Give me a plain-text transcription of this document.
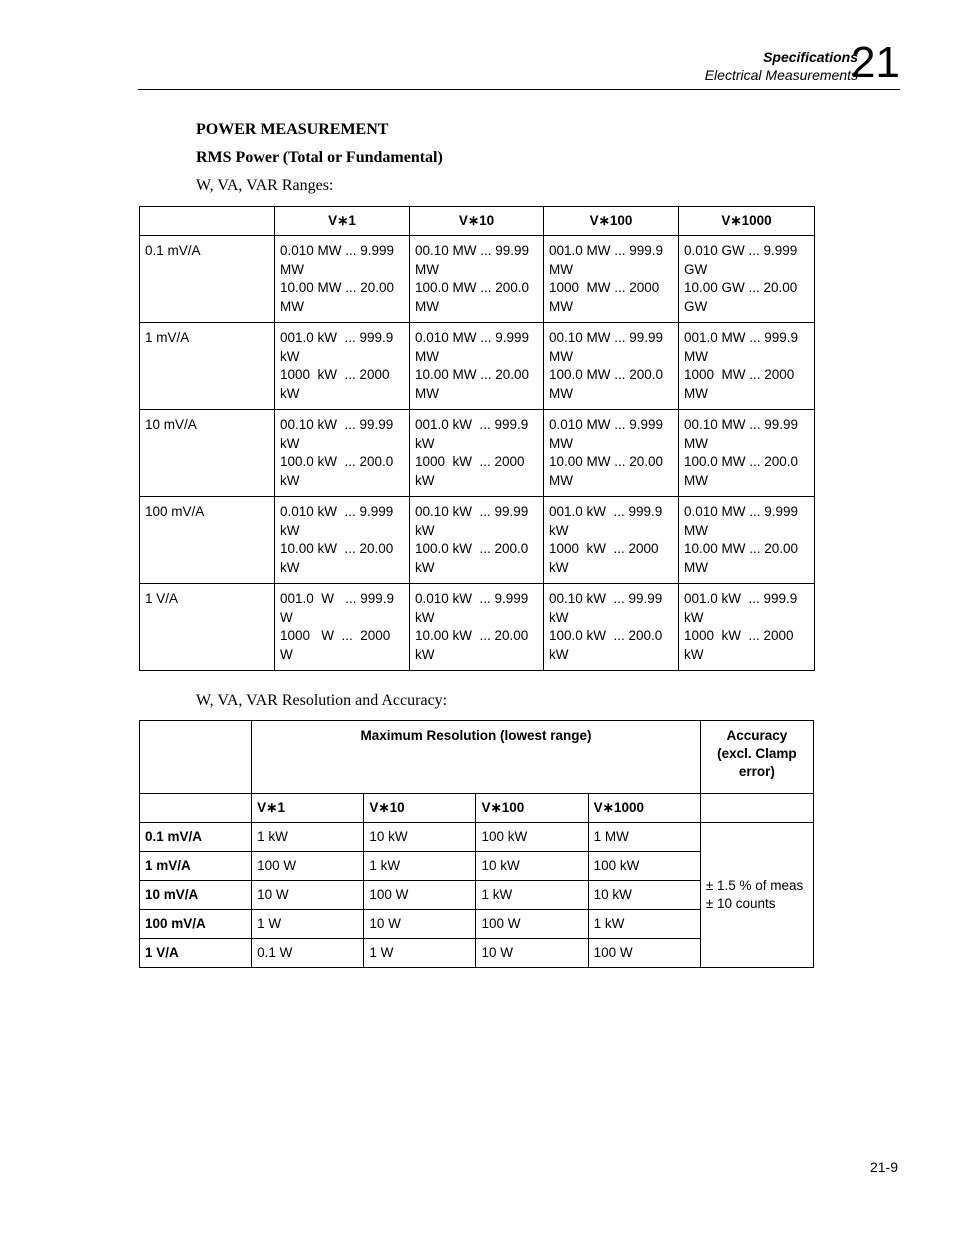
Specifications
Electrical Measurements
21
POWER MEASUREMENT
RMS Power (Total or Fundamental)
W, VA, VAR Ranges:
	V∗1	V∗10	V∗100	V∗1000
0.1 mV/A	0.010 MW ... 9.999
MW
10.00 MW ... 20.00
MW	00.10 MW ... 99.99
MW
100.0 MW ... 200.0
MW	001.0 MW ... 999.9
MW
1000  MW ... 2000
MW	0.010 GW ... 9.999
GW
10.00 GW ... 20.00
GW

1 mV/A	001.0 kW  ... 999.9
kW
1000  kW  ... 2000
kW	0.010 MW ... 9.999
MW
10.00 MW ... 20.00
MW	00.10 MW ... 99.99
MW
100.0 MW ... 200.0
MW	001.0 MW ... 999.9
MW
1000  MW ... 2000
MW

10 mV/A	00.10 kW  ... 99.99
kW
100.0 kW  ... 200.0
kW	001.0 kW  ... 999.9
kW
1000  kW  ... 2000
kW	0.010 MW ... 9.999
MW
10.00 MW ... 20.00
MW	00.10 MW ... 99.99
MW
100.0 MW ... 200.0
MW

100 mV/A	0.010 kW  ... 9.999
kW
10.00 kW  ... 20.00
kW	00.10 kW  ... 99.99
kW
100.0 kW  ... 200.0
kW	001.0 kW  ... 999.9
kW
1000  kW  ... 2000
kW	0.010 MW ... 9.999
MW
10.00 MW ... 20.00
MW

1 V/A	001.0  W   ... 999.9
W
1000   W  ...  2000
W	0.010 kW  ... 9.999
kW
10.00 kW  ... 20.00
kW	00.10 kW  ... 99.99
kW
100.0 kW  ... 200.0
kW	001.0 kW  ... 999.9
kW
1000  kW  ... 2000
kW
W, VA, VAR Resolution and Accuracy:
	Maximum Resolution (lowest range)				Accuracy
(excl. Clamp
error)

	V∗1	V∗10	V∗100	V∗1000	
0.1 mV/A	1 kW	10 kW	100 kW	1 MW	± 1.5 % of meas
± 10 counts

1 mV/A	100 W	1 kW	10 kW	100 kW	
10 mV/A	10 W	100 W	1 kW	10 kW	
100 mV/A	1 W	10 W	100 W	1 kW	
1 V/A	0.1 W	1 W	10 W	100 W	
21-9
